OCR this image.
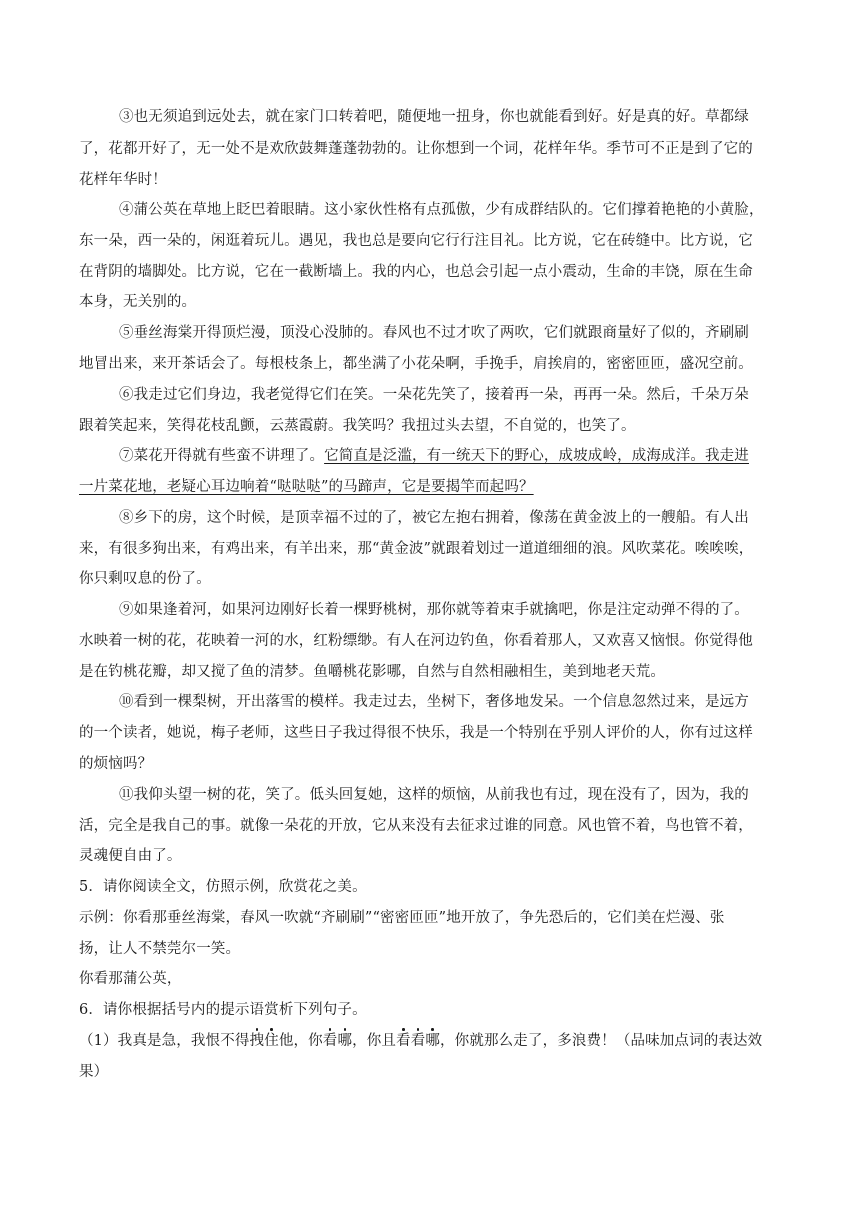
③也无须追到远处去，就在家门口转着吧，随便地一扭身，你也就能看到好。好是真的好。草都绿
了，花都开好了，无一处不是欢欣鼓舞蓬蓬勃勃的。让你想到一个词，花样年华。季节可不正是到了它的
花样年华时！
④蒲公英在草地上眨巴着眼睛。这小家伙性格有点孤傲，少有成群结队的。它们撑着艳艳的小黄脸，
东一朵，西一朵的，闲逛着玩儿。遇见，我也总是要向它行行注目礼。比方说，它在砖缝中。比方说，它
在背阴的墙脚处。比方说，它在一截断墙上。我的内心，也总会引起一点小震动，生命的丰饶，原在生命
本身，无关别的。
⑤垂丝海棠开得顶烂漫，顶没心没肺的。春风也不过才吹了两吹，它们就跟商量好了似的，齐刷刷
地冒出来，来开茶话会了。每根枝条上，都坐满了小花朵啊，手挽手，肩挨肩的，密密匝匝，盛况空前。
⑥我走过它们身边，我老觉得它们在笑。一朵花先笑了，接着再一朵，再再一朵。然后，千朵万朵
跟着笑起来，笑得花枝乱颤，云蒸霞蔚。我笑吗？我扭过头去望，不自觉的，也笑了。
⑦菜花开得就有些蛮不讲理了。它简直是泛滥，有一统天下的野心，成坡成岭，成海成洋。我走进
一片菜花地，老疑心耳边响着“哒哒哒”的马蹄声，它是要揭竿而起吗？
⑧乡下的房，这个时候，是顶幸福不过的了，被它左抱右拥着，像荡在黄金波上的一艘船。有人出
来，有很多狗出来，有鸡出来，有羊出来，那“黄金波”就跟着划过一道道细细的浪。风吹菜花。唉唉唉，
你只剩叹息的份了。
⑨如果逢着河，如果河边刚好长着一棵野桃树，那你就等着束手就擒吧，你是注定动弹不得的了。
水映着一树的花，花映着一河的水，红粉缥缈。有人在河边钓鱼，你看着那人，又欢喜又恼恨。你觉得他
是在钓桃花瓣，却又搅了鱼的清梦。鱼嚼桃花影哪，自然与自然相融相生，美到地老天荒。
⑩看到一棵梨树，开出落雪的模样。我走过去，坐树下，奢侈地发呆。一个信息忽然过来，是远方
的一个读者，她说，梅子老师，这些日子我过得很不快乐，我是一个特别在乎别人评价的人，你有过这样
的烦恼吗？
⑪我仰头望一树的花，笑了。低头回复她，这样的烦恼，从前我也有过，现在没有了，因为，我的
活，完全是我自己的事。就像一朵花的开放，它从来没有去征求过谁的同意。风也管不着，鸟也管不着，
灵魂便自由了。
5．请你阅读全文，仿照示例，欣赏花之美。
示例：你看那垂丝海棠，春风一吹就“齐刷刷”“密密匝匝”地开放了，争先恐后的，它们美在烂漫、张
扬，让人不禁莞尔一笑。
你看那蒲公英，
6．请你根据括号内的提示语赏析下列句子。
（1）我真是急，我恨不得拽住他，你看哪，你且看看哪，你就那么走了，多浪费！（品味加点词的表达效
果）
